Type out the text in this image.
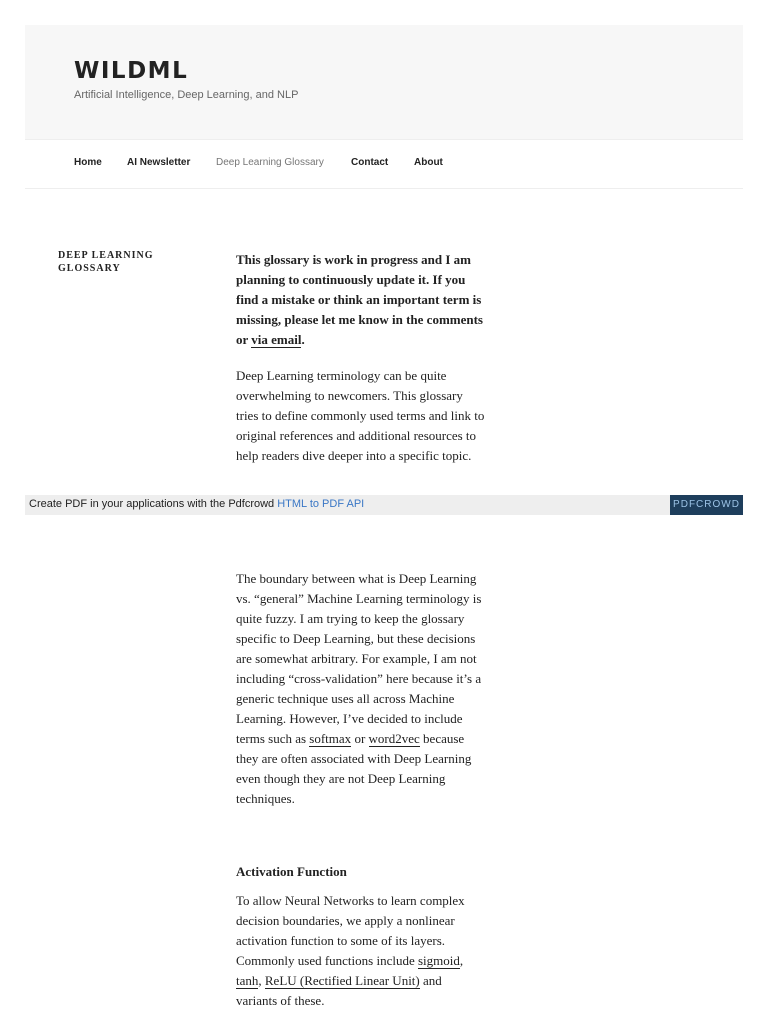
WILDML
Artificial Intelligence, Deep Learning, and NLP
Home	AI Newsletter	Deep Learning Glossary	Contact	About
DEEP LEARNING GLOSSARY

This glossary is work in progress and I am planning to continuously update it. If you find a mistake or think an important term is missing, please let me know in the comments or via email.

Deep Learning terminology can be quite overwhelming to newcomers. This glossary tries to define commonly used terms and link to original references and additional resources to help readers dive deeper into a specific topic.

Create PDF in your applications with the Pdfcrowd HTML to PDF API	PDFCROWD

The boundary between what is Deep Learning vs. “general” Machine Learning terminology is quite fuzzy. I am trying to keep the glossary specific to Deep Learning, but these decisions are somewhat arbitrary. For example, I am not including “cross-validation” here because it’s a generic technique uses all across Machine Learning. However, I’ve decided to include terms such as softmax or word2vec because they are often associated with Deep Learning even though they are not Deep Learning techniques.

Activation Function

To allow Neural Networks to learn complex decision boundaries, we apply a nonlinear activation function to some of its layers. Commonly used functions include sigmoid, tanh, ReLU (Rectified Linear Unit) and variants of these.
